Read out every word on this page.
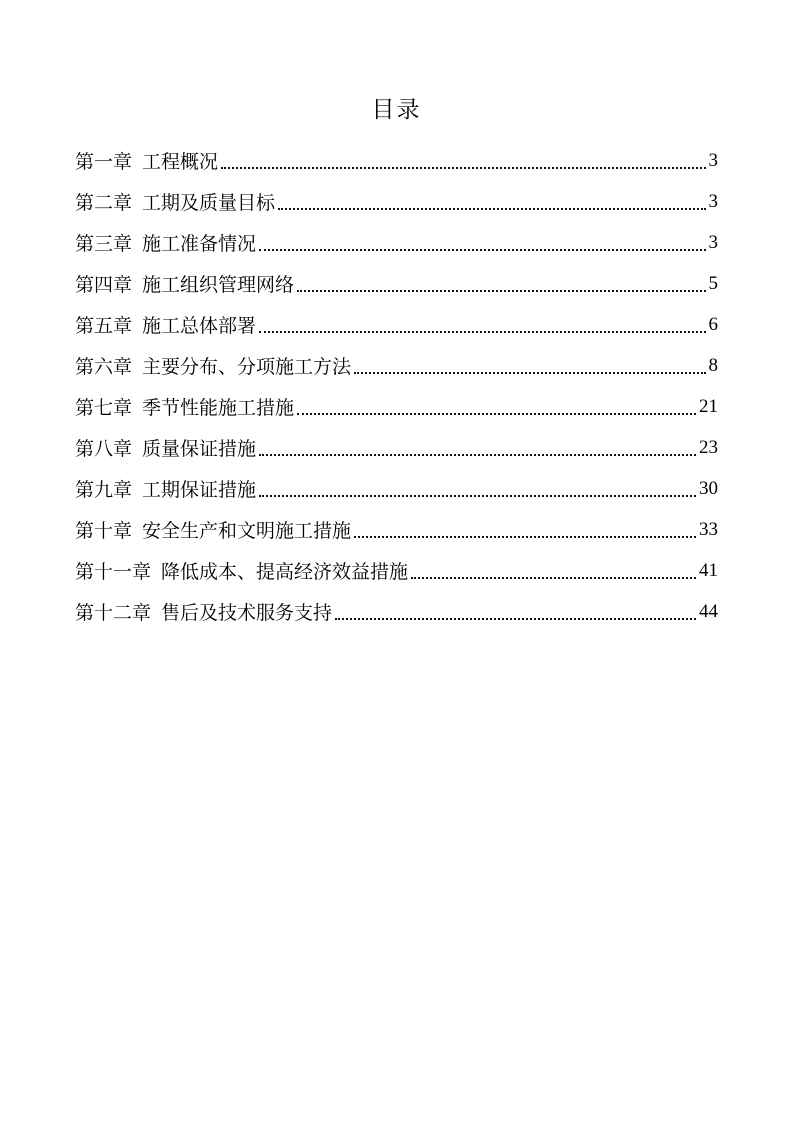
目录
第一章 工程概况	3
第二章 工期及质量目标	3
第三章 施工准备情况	3
第四章 施工组织管理网络	5
第五章 施工总体部署	6
第六章 主要分布、分项施工方法	8
第七章 季节性能施工措施	21
第八章 质量保证措施	23
第九章 工期保证措施	30
第十章 安全生产和文明施工措施	33
第十一章 降低成本、提高经济效益措施	41
第十二章 售后及技术服务支持	44
